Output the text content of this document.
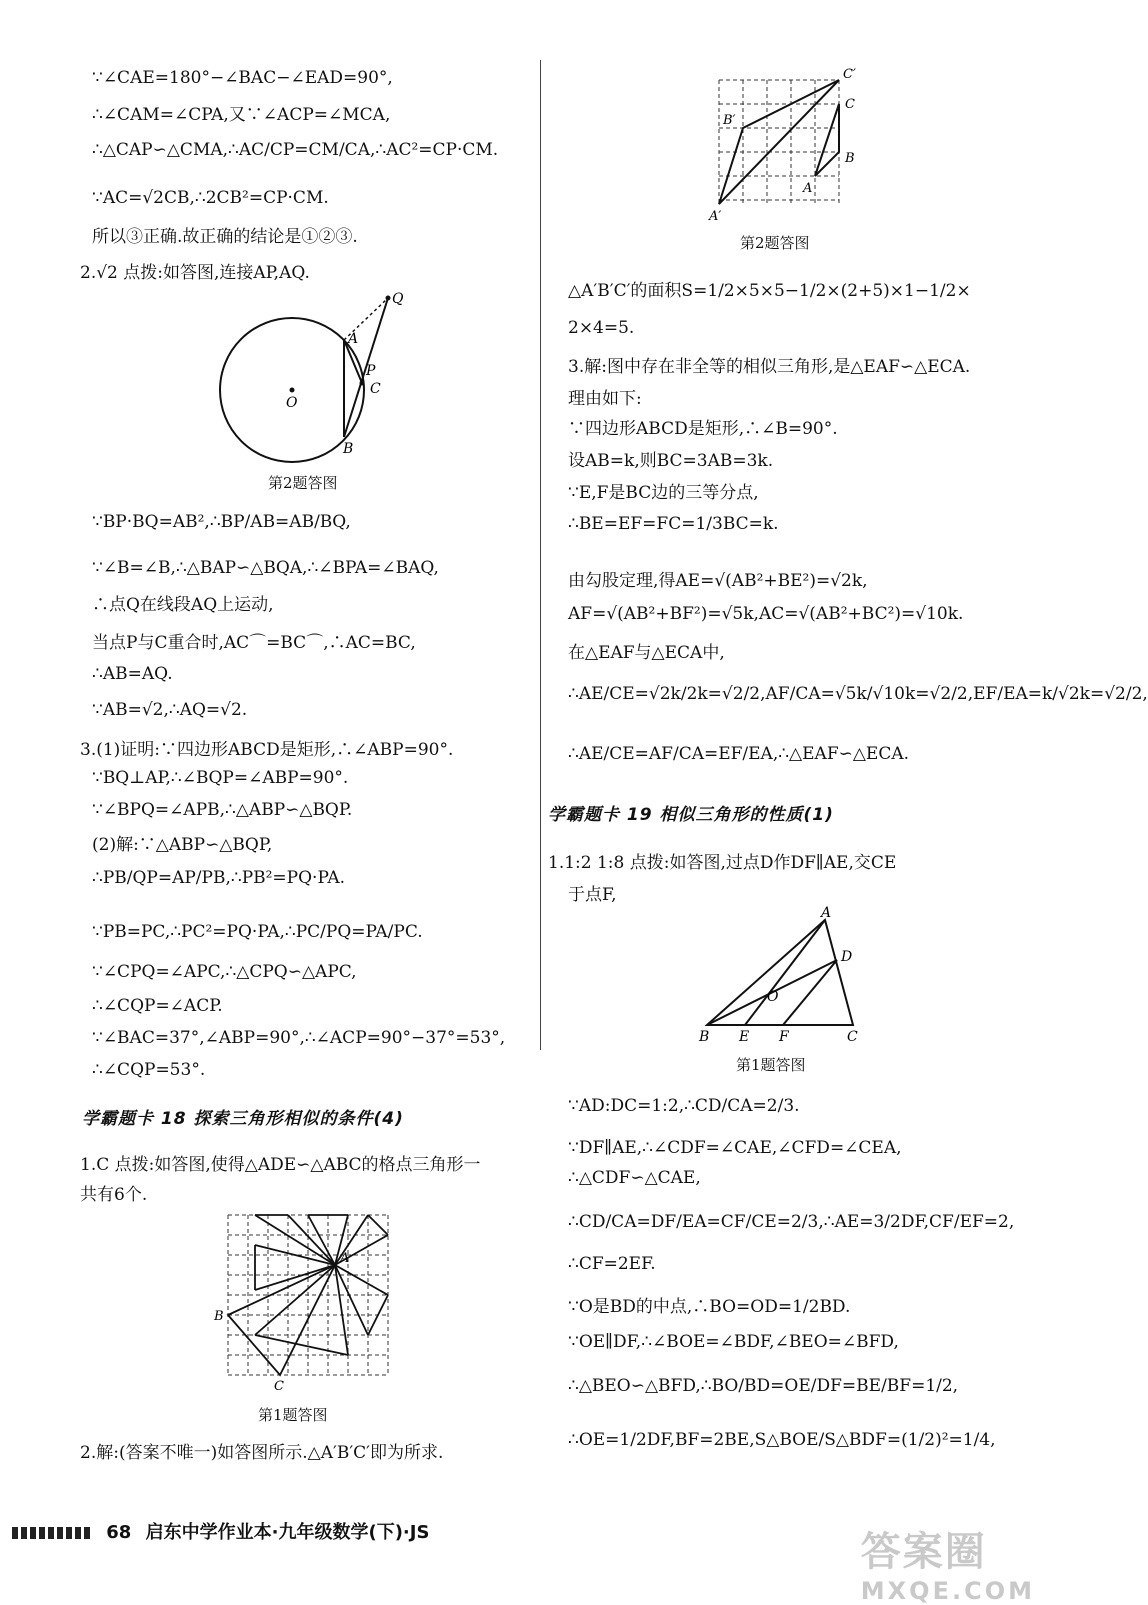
∵∠CAE=180°−∠BAC−∠EAD=90°,
∴∠CAM=∠CPA,又∵∠ACP=∠MCA,
∴△CAP∽△CMA,∴AC/CP=CM/CA,∴AC²=CP·CM.
∵AC=√2CB,∴2CB²=CP·CM.
所以③正确.故正确的结论是①②③.
2.√2 点拨:如答图,连接AP,AQ.
Q
A
P
C
O
B
第2题答图
∵BP·BQ=AB²,∴BP/AB=AB/BQ,
∵∠B=∠B,∴△BAP∽△BQA,∴∠BPA=∠BAQ,
∴点Q在线段AQ上运动,
当点P与C重合时,AC⌒=BC⌒,∴AC=BC,
∴AB=AQ.
∵AB=√2,∴AQ=√2.
3.(1)证明:∵四边形ABCD是矩形,∴∠ABP=90°.
∵BQ⊥AP,∴∠BQP=∠ABP=90°.
∵∠BPQ=∠APB,∴△ABP∽△BQP.
(2)解:∵△ABP∽△BQP,
∴PB/QP=AP/PB,∴PB²=PQ·PA.
∵PB=PC,∴PC²=PQ·PA,∴PC/PQ=PA/PC.
∵∠CPQ=∠APC,∴△CPQ∽△APC,
∴∠CQP=∠ACP.
∵∠BAC=37°,∠ABP=90°,∴∠ACP=90°−37°=53°,
∴∠CQP=53°.
学霸题卡 18 探索三角形相似的条件(4)
1.C 点拨:如答图,使得△ADE∽△ABC的格点三角形一
共有6个.
A
B
C
第1题答图
2.解:(答案不唯一)如答图所示.△A′B′C′即为所求.
C′
C
B′
B
A
A′
第2题答图
△A′B′C′的面积S=1/2×5×5−1/2×(2+5)×1−1/2×
2×4=5.
3.解:图中存在非全等的相似三角形,是△EAF∽△ECA.
理由如下:
∵四边形ABCD是矩形,∴∠B=90°.
设AB=k,则BC=3AB=3k.
∵E,F是BC边的三等分点,
∴BE=EF=FC=1/3BC=k.
由勾股定理,得AE=√(AB²+BE²)=√2k,
AF=√(AB²+BF²)=√5k,AC=√(AB²+BC²)=√10k.
在△EAF与△ECA中,
∴AE/CE=√2k/2k=√2/2,AF/CA=√5k/√10k=√2/2,EF/EA=k/√2k=√2/2,
∴AE/CE=AF/CA=EF/EA,∴△EAF∽△ECA.
学霸题卡 19 相似三角形的性质(1)
1.1:2 1:8 点拨:如答图,过点D作DF∥AE,交CE
于点F,
A
D
O
B E F	C
第1题答图
∵AD:DC=1:2,∴CD/CA=2/3.
∵DF∥AE,∴∠CDF=∠CAE,∠CFD=∠CEA,
∴△CDF∽△CAE,
∴CD/CA=DF/EA=CF/CE=2/3,∴AE=3/2DF,CF/EF=2,
∴CF=2EF.
∵O是BD的中点,∴BO=OD=1/2BD.
∵OE∥DF,∴∠BOE=∠BDF,∠BEO=∠BFD,
∴△BEO∽△BFD,∴BO/BD=OE/DF=BE/BF=1/2,
∴OE=1/2DF,BF=2BE,S△BOE/S△BDF=(1/2)²=1/4,
68 启东中学作业本·九年级数学(下)·JS	答案圈
MXQE.COM
